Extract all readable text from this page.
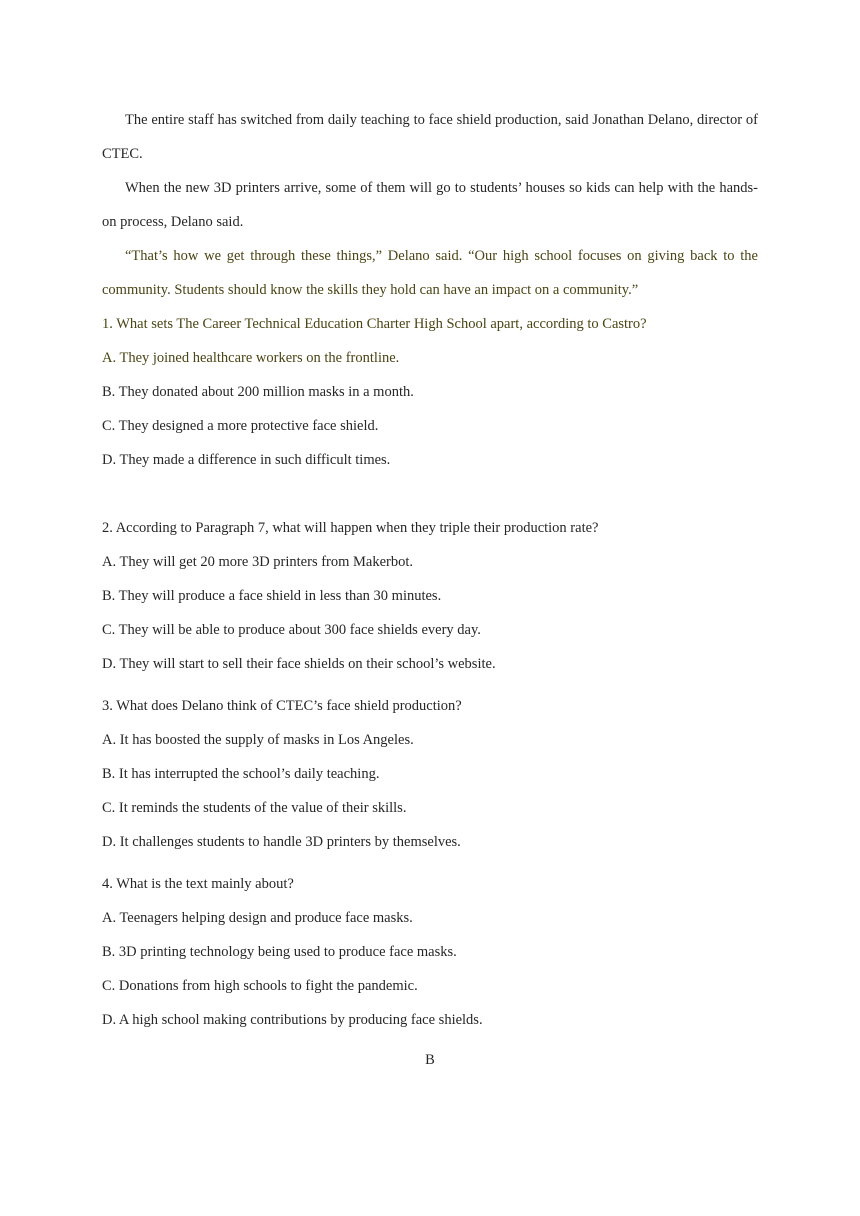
The entire staff has switched from daily teaching to face shield production, said Jonathan Delano, director of CTEC.

When the new 3D printers arrive, some of them will go to students’ houses so kids can help with the hands-on process, Delano said.

“That’s how we get through these things,” Delano said. “Our high school focuses on giving back to the community. Students should know the skills they hold can have an impact on a community.”

1. What sets The Career Technical Education Charter High School apart, according to Castro?

A. They joined healthcare workers on the frontline.

B. They donated about 200 million masks in a month.

C. They designed a more protective face shield.

D. They made a difference in such difficult times.

2. According to Paragraph 7, what will happen when they triple their production rate?

A. They will get 20 more 3D printers from Makerbot.

B. They will produce a face shield in less than 30 minutes.

C. They will be able to produce about 300 face shields every day.

D. They will start to sell their face shields on their school’s website.

3. What does Delano think of CTEC’s face shield production?

A. It has boosted the supply of masks in Los Angeles.

B. It has interrupted the school’s daily teaching.

C. It reminds the students of the value of their skills.

D. It challenges students to handle 3D printers by themselves.

4. What is the text mainly about?

A. Teenagers helping design and produce face masks.

B. 3D printing technology being used to produce face masks.

C. Donations from high schools to fight the pandemic.

D. A high school making contributions by producing face shields.

B
